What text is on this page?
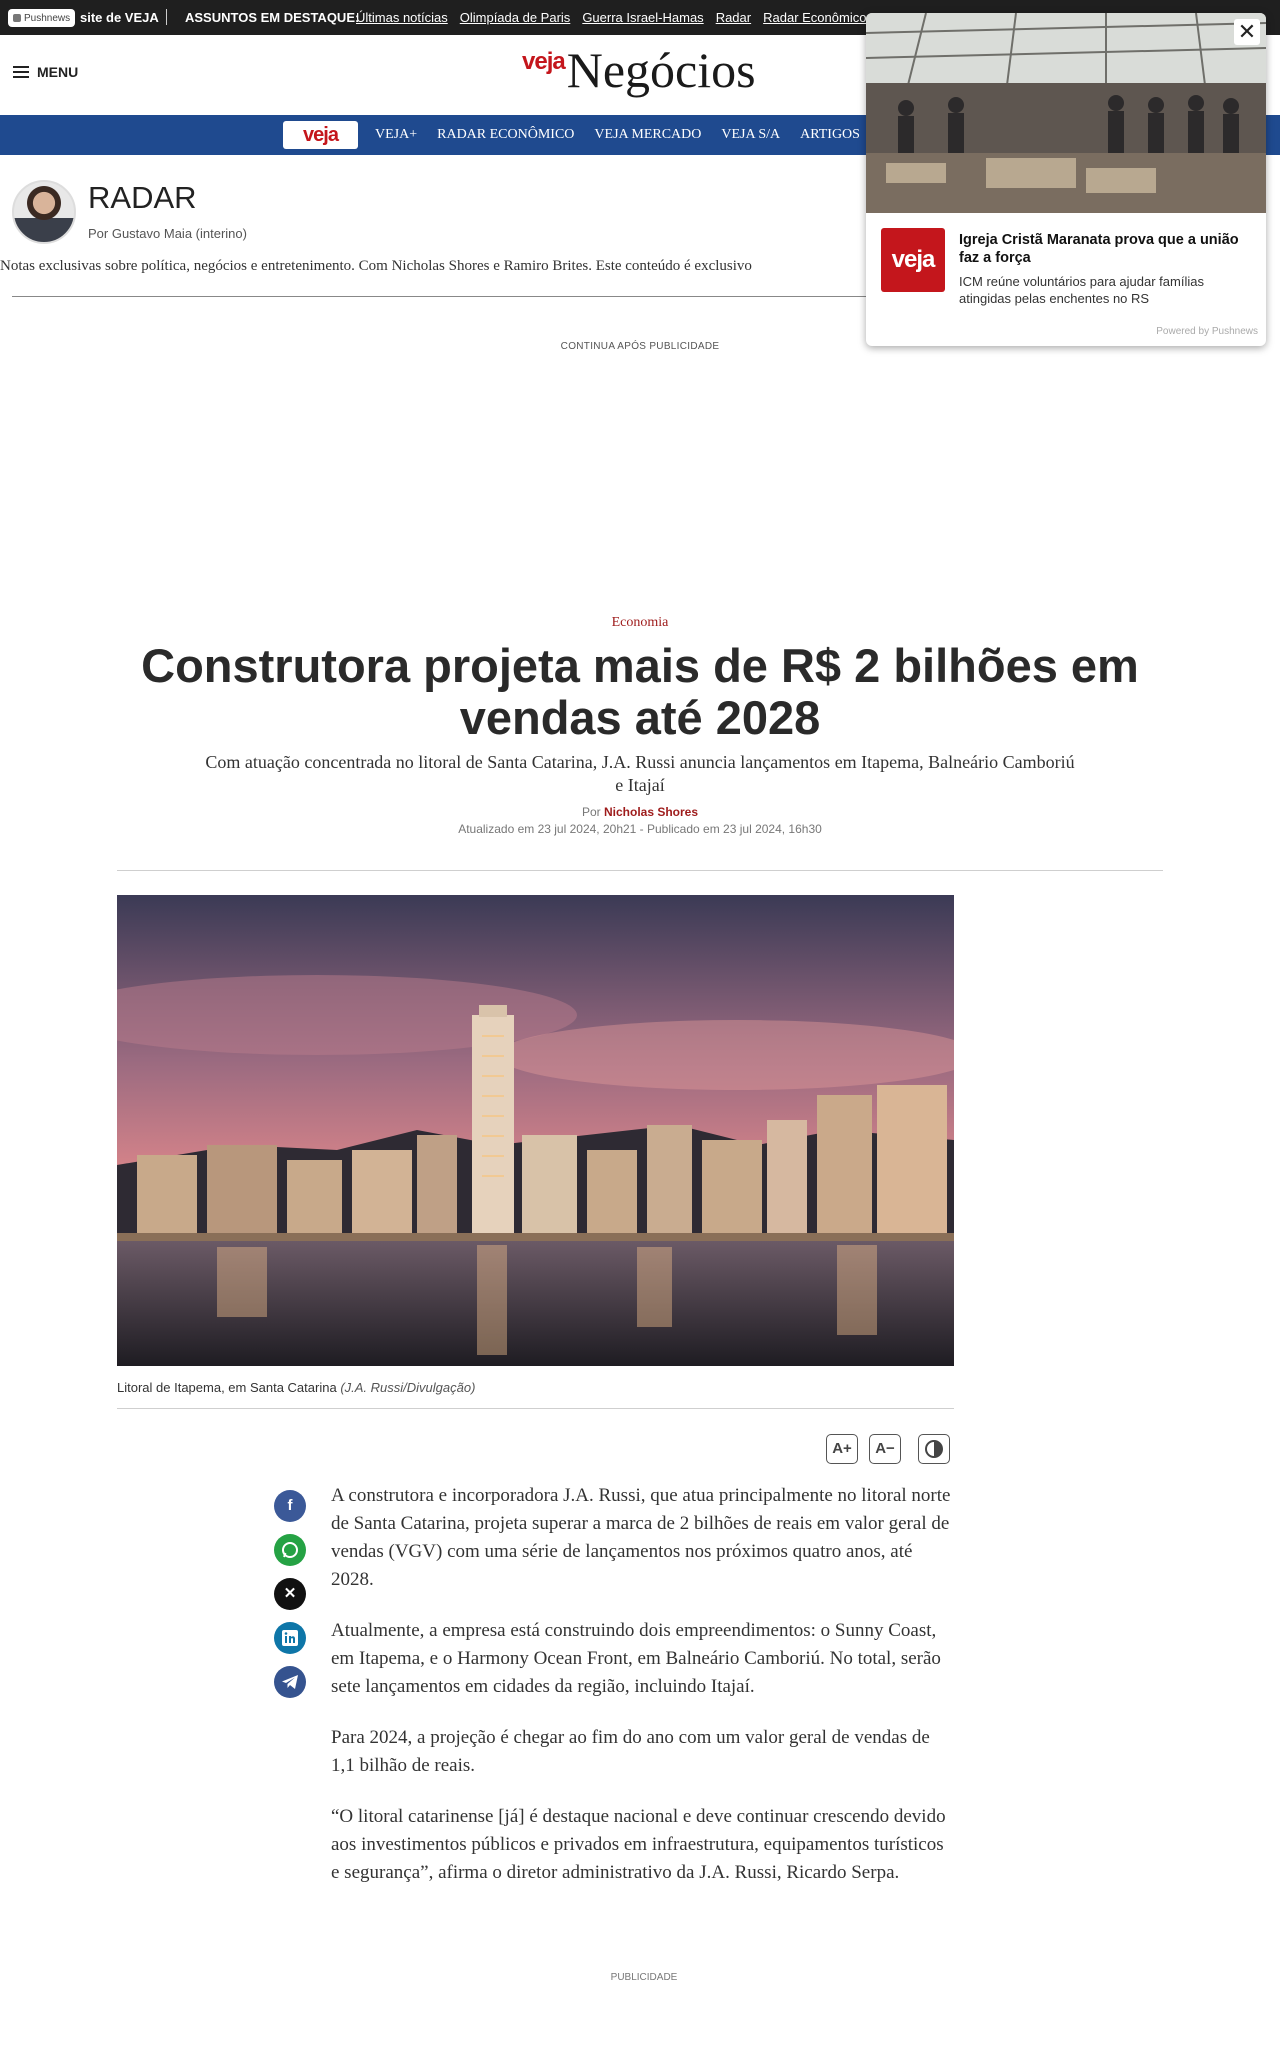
site de VEJA ASSUNTOS EM DESTAQUE:
Últimas notícias Olimpíada de Paris Guerra Israel-Hamas Radar Radar Econômico
Pushnews
MENU	veja Negócios
veja	VEJA+ RADAR ECONÔMICO VEJA MERCADO VEJA S/A ARTIGOS
RADAR
Por Gustavo Maia (interino)
Notas exclusivas sobre política, negócios e entretenimento. Com Nicholas Shores e Ramiro Brites. Este conteúdo é exclusivo
CONTINUA APÓS PUBLICIDADE
Economia
Construtora projeta mais de R$ 2 bilhões em vendas até 2028
Com atuação concentrada no litoral de Santa Catarina, J.A. Russi anuncia lançamentos em Itapema, Balneário Camboriú e Itajaí
Por Nicholas Shores
Atualizado em 23 jul 2024, 20h21 - Publicado em 23 jul 2024, 16h30
Litoral de Itapema, em Santa Catarina (J.A. Russi/Divulgação)
A+	A−
f
✕

A construtora e incorporadora J.A. Russi, que atua principalmente no litoral norte de Santa Catarina, projeta superar a marca de 2 bilhões de reais em valor geral de vendas (VGV) com uma série de lançamentos nos próximos quatro anos, até 2028.

Atualmente, a empresa está construindo dois empreendimentos: o Sunny Coast, em Itapema, e o Harmony Ocean Front, em Balneário Camboriú. No total, serão sete lançamentos em cidades da região, incluindo Itajaí.

Para 2024, a projeção é chegar ao fim do ano com um valor geral de vendas de 1,1 bilhão de reais.

“O litoral catarinense [já] é destaque nacional e deve continuar crescendo devido aos investimentos públicos e privados em infraestrutura, equipamentos turísticos e segurança”, afirma o diretor administrativo da J.A. Russi, Ricardo Serpa.

PUBLICIDADE
✕
veja
Igreja Cristã Maranata prova que a união faz a força
ICM reúne voluntários para ajudar famílias atingidas pelas enchentes no RS
Powered by Pushnews
